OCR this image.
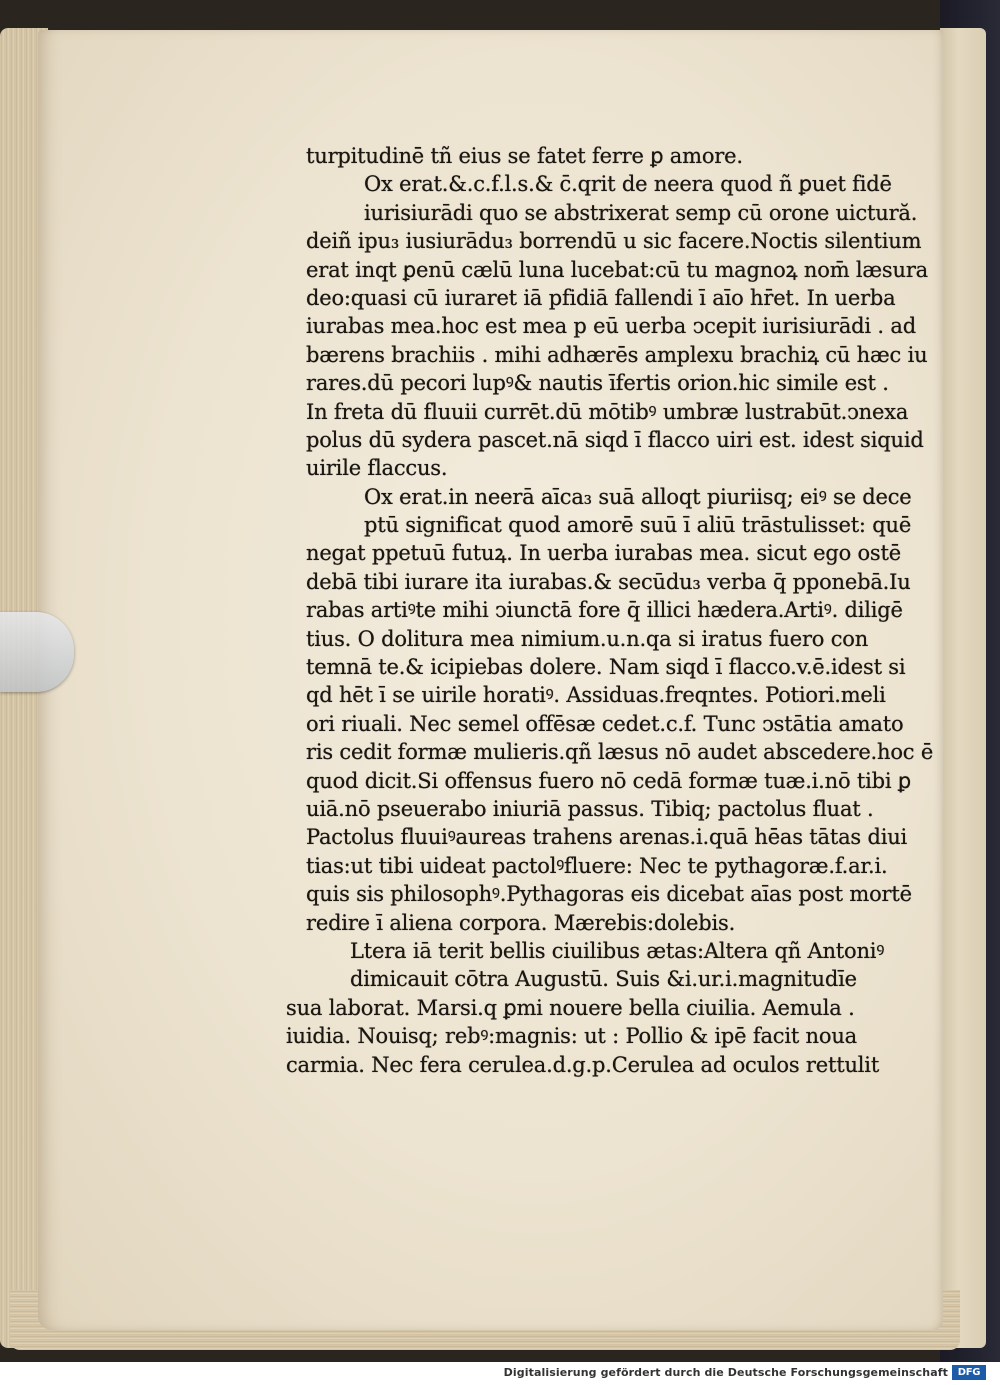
turpitudinē tñ eius se fatet ferre ꝑ amore.
Ox erat.&.c.f.l.s.& c̄.qrit de neera quod ñ ꝑuet fidē
iurisiurādi quo se abstrixerat semp cū orone uictură.
deiñ ipu₃ iusiurādu₃ borrendū u sic facere.Noctis silentium
erat inqt ꝑenū cælū luna lucebat:cū tu magnoꝝ nom̄ læsura
deo:quasi cū iuraret iā pfidiā fallendi ī aīo hr̄et. In uerba
iurabas mea.hoc est mea p eū uerba ↄcepit iurisiurādi . ad
bærens brachiis . mihi adhærēs amplexu brachiꝝ cū hæc iu
rares.dū pecori lupꝰ& nautis īfertis orion.hic simile est .
In freta dū fluuii currēt.dū mōtibꝰ umbræ lustrabūt.ↄnexa
polus dū sydera pascet.nā siqd ī flacco uiri est. idest siquid
uirile flaccus.
Ox erat.in neerā aīca₃ suā alloqt piuriisq; eiꝰ se dece
ptū significat quod amorē suū ī aliū trāstulisset: quē
negat ppetuū futuꝝ. In uerba iurabas mea. sicut ego ostē
debā tibi iurare ita iurabas.& secūdu₃ verba q̄ pponebā.Iu
rabas artiꝰte mihi ↄiunctā fore q̄ illici hædera.Artiꝰ. diligē
tius. O dolitura mea nimium.u.n.qa si iratus fuero con
temnā te.& icipiebas dolere. Nam siqd ī flacco.v.ē.idest si
qd hēt ī se uirile horatiꝰ. Assiduas.freqntes. Potiori.meli
ori riuali. Nec semel offēsæ cedet.c.f. Tunc ↄstātia amato
ris cedit formæ mulieris.qñ læsus nō audet abscedere.hoc ē
quod dicit.Si offensus fuero nō cedā formæ tuæ.i.nō tibi ꝑ
uiā.nō pseuerabo iniuriā passus. Tibiq; pactolus fluat .
Pactolus fluuiꝰaureas trahens arenas.i.quā hēas tātas diui
tias:ut tibi uideat pactolꝰfluere: Nec te pythagoræ.f.ar.i.
quis sis philosophꝰ.Pythagoras eis dicebat aīas post mortē
redire ī aliena corpora. Mærebis:dolebis.
Ltera iā terit bellis ciuilibus ætas:Altera qñ Antoniꝰ
dimicauit cōtra Augustū. Suis &i.ur.i.magnitudīe
sua laborat. Marsi.q ꝑmi nouere bella ciuilia. Aemula .
iuidia. Nouisq; rebꝰ:magnis: ut : Pollio & ipē facit noua
carmia. Nec fera cerulea.d.g.p.Cerulea ad oculos rettulit
Digitalisierung gefördert durch die Deutsche Forschungsgemeinschaft DFG
